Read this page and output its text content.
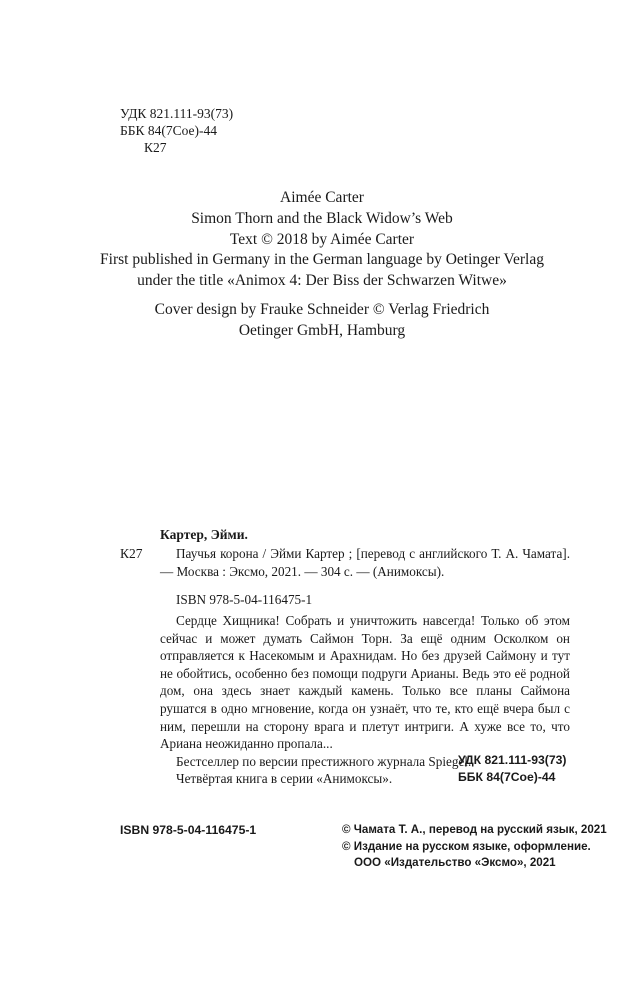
УДК 821.111-93(73)
ББК 84(7Сое)-44
К27
Aimée Carter
Simon Thorn and the Black Widow’s Web
Text © 2018 by Aimée Carter
First published in Germany in the German language by Oetinger Verlag
under the title «Animox 4: Der Biss der Schwarzen Witwe»
Cover design by Frauke Schneider © Verlag Friedrich
Oetinger GmbH, Hamburg
Картер, Эйми.
К27	Паучья корона / Эйми Картер ; [перевод с английского Т. А. Чамата]. — Москва : Эксмо, 2021. — 304 с. — (Анимоксы).
ISBN 978-5-04-116475-1

Сердце Хищника! Собрать и уничтожить навсегда! Только об этом сейчас и может думать Саймон Торн. За ещё одним Осколком он отправляется к Насекомым и Арахнидам. Но без друзей Саймону и тут не обойтись, особенно без помощи подруги Арианы. Ведь это её родной дом, она здесь знает каждый камень. Только все планы Саймона рушатся в одно мгновение, когда он узнаёт, что те, кто ещё вчера был с ним, перешли на сторону врага и плетут интриги. А хуже все то, что Ариана неожиданно пропала...

Бестселлер по версии престижного журнала Spiegel.

Четвёртая книга в серии «Анимоксы».

УДК 821.111-93(73)
ББК 84(7Сое)-44
ISBN 978-5-04-116475-1	© Чамата Т. А., перевод на русский язык, 2021
© Издание на русском языке, оформление.
ООО «Издательство «Эксмо», 2021
